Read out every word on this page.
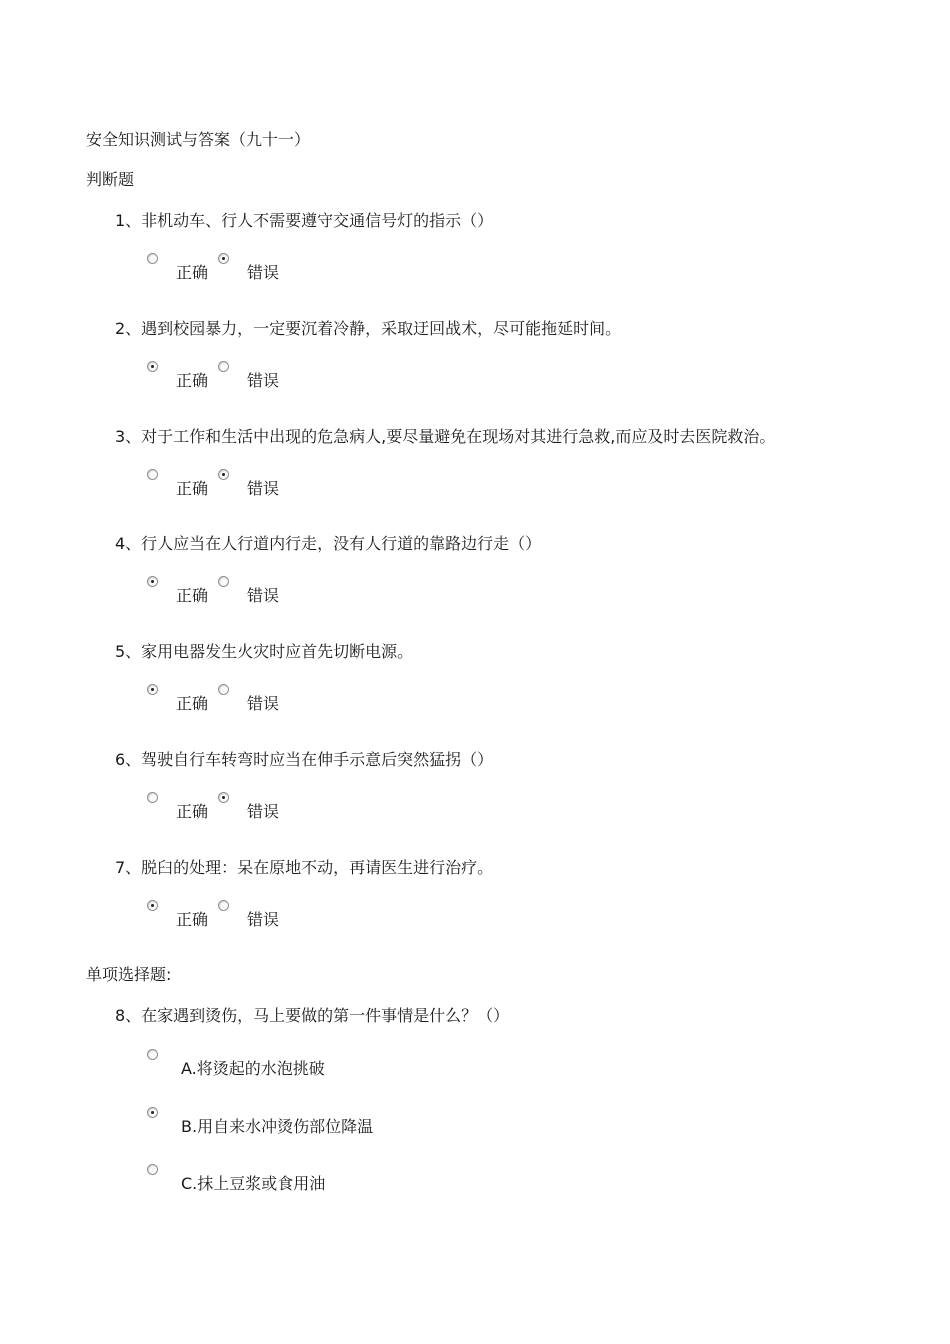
安全知识测试与答案（九十一）
判断题
1、非机动车、行人不需要遵守交通信号灯的指示（）
正确 错误
2、遇到校园暴力，一定要沉着冷静，采取迂回战术，尽可能拖延时间。
正确 错误
3、对于工作和生活中出现的危急病人,要尽量避免在现场对其进行急救,而应及时去医院救治。
正确 错误
4、行人应当在人行道内行走，没有人行道的靠路边行走（）
正确 错误
5、家用电器发生火灾时应首先切断电源。
正确 错误
6、驾驶自行车转弯时应当在伸手示意后突然猛拐（）
正确 错误
7、脱臼的处理：呆在原地不动，再请医生进行治疗。
正确 错误
单项选择题:
8、在家遇到烫伤，马上要做的第一件事情是什么？（）
A.将烫起的水泡挑破
B.用自来水冲烫伤部位降温
C.抹上豆浆或食用油
